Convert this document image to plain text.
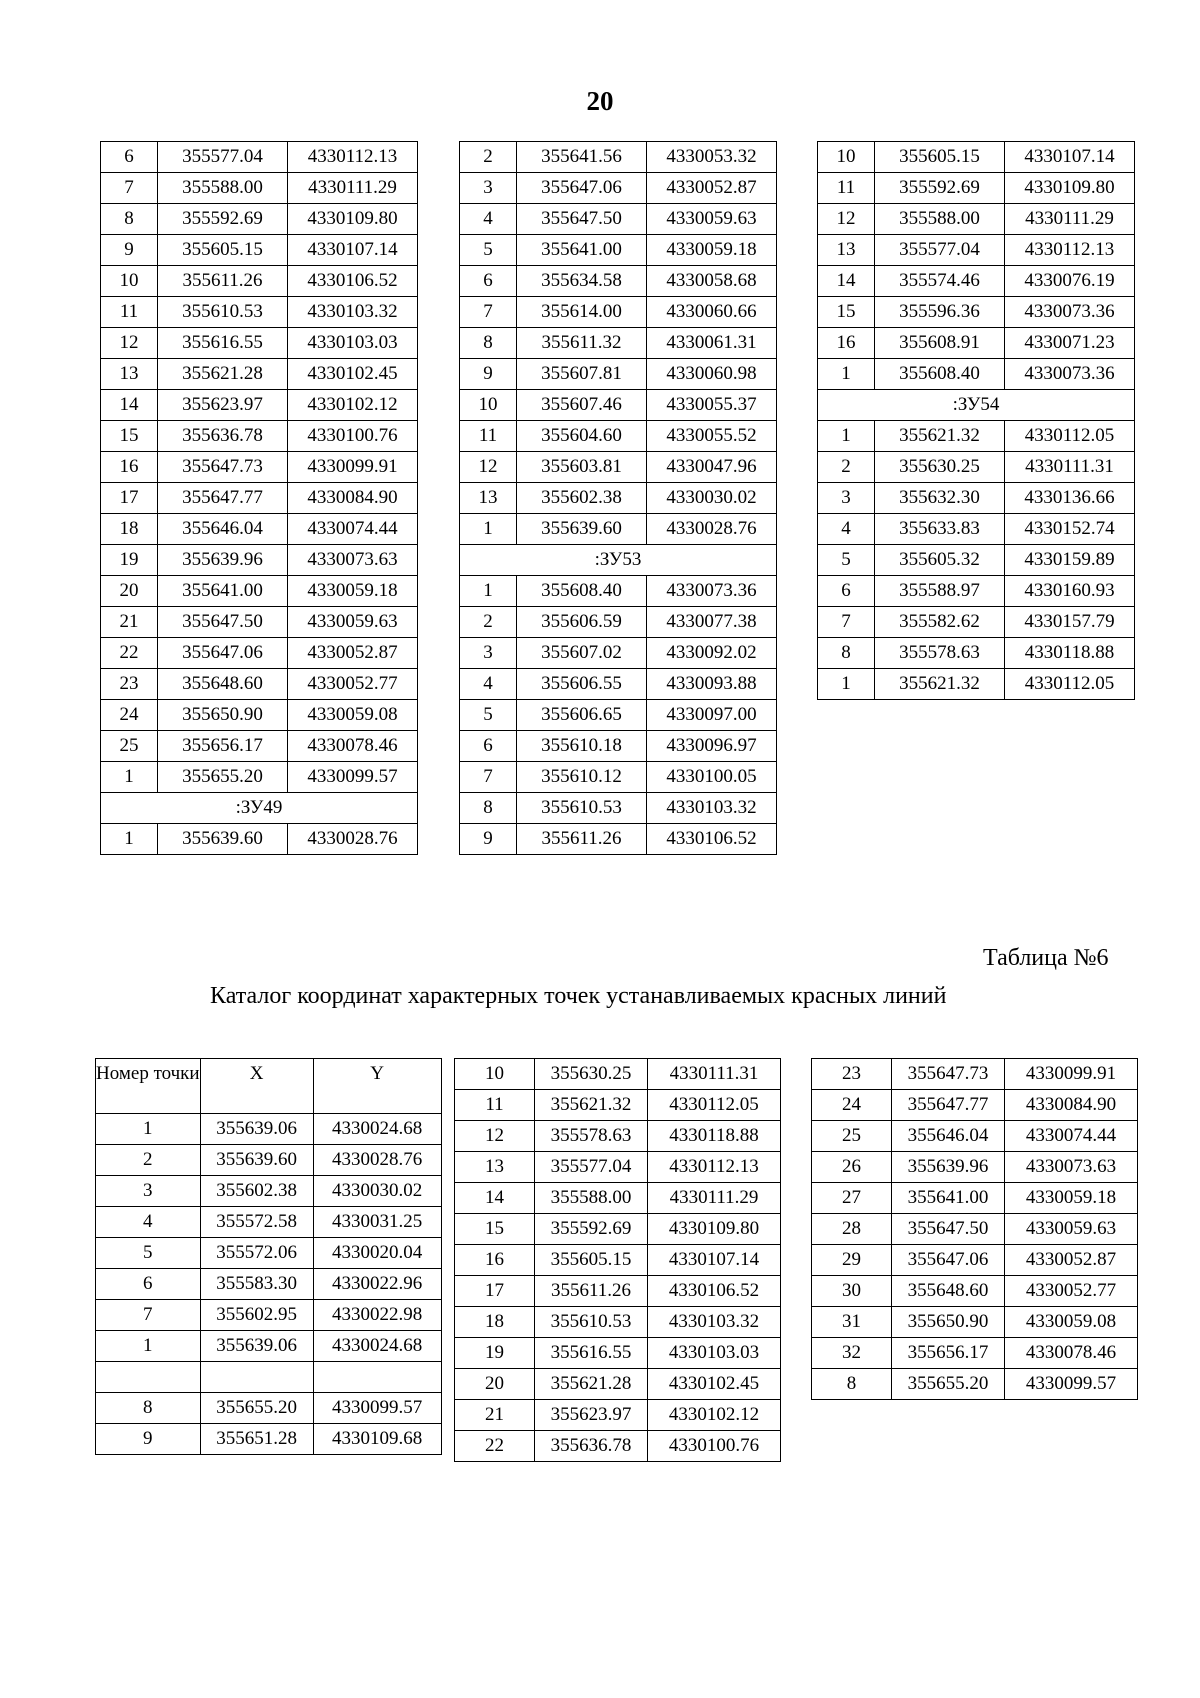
20
6	355577.04	4330112.13
7	355588.00	4330111.29
8	355592.69	4330109.80
9	355605.15	4330107.14
10	355611.26	4330106.52
11	355610.53	4330103.32
12	355616.55	4330103.03
13	355621.28	4330102.45
14	355623.97	4330102.12
15	355636.78	4330100.76
16	355647.73	4330099.91
17	355647.77	4330084.90
18	355646.04	4330074.44
19	355639.96	4330073.63
20	355641.00	4330059.18
21	355647.50	4330059.63
22	355647.06	4330052.87
23	355648.60	4330052.77
24	355650.90	4330059.08
25	355656.17	4330078.46
1	355655.20	4330099.57
:ЗУ49		
1	355639.60	4330028.76
2	355641.56	4330053.32
3	355647.06	4330052.87
4	355647.50	4330059.63
5	355641.00	4330059.18
6	355634.58	4330058.68
7	355614.00	4330060.66
8	355611.32	4330061.31
9	355607.81	4330060.98
10	355607.46	4330055.37
11	355604.60	4330055.52
12	355603.81	4330047.96
13	355602.38	4330030.02
1	355639.60	4330028.76
:ЗУ53		
1	355608.40	4330073.36
2	355606.59	4330077.38
3	355607.02	4330092.02
4	355606.55	4330093.88
5	355606.65	4330097.00
6	355610.18	4330096.97
7	355610.12	4330100.05
8	355610.53	4330103.32
9	355611.26	4330106.52
10	355605.15	4330107.14
11	355592.69	4330109.80
12	355588.00	4330111.29
13	355577.04	4330112.13
14	355574.46	4330076.19
15	355596.36	4330073.36
16	355608.91	4330071.23
1	355608.40	4330073.36
:ЗУ54		
1	355621.32	4330112.05
2	355630.25	4330111.31
3	355632.30	4330136.66
4	355633.83	4330152.74
5	355605.32	4330159.89
6	355588.97	4330160.93
7	355582.62	4330157.79
8	355578.63	4330118.88
1	355621.32	4330112.05
Таблица №6
Каталог координат характерных точек устанавливаемых красных линий
Номер точки	X	Y
1	355639.06	4330024.68
2	355639.60	4330028.76
3	355602.38	4330030.02
4	355572.58	4330031.25
5	355572.06	4330020.04
6	355583.30	4330022.96
7	355602.95	4330022.98
1	355639.06	4330024.68

8	355655.20	4330099.57
9	355651.28	4330109.68
10	355630.25	4330111.31
11	355621.32	4330112.05
12	355578.63	4330118.88
13	355577.04	4330112.13
14	355588.00	4330111.29
15	355592.69	4330109.80
16	355605.15	4330107.14
17	355611.26	4330106.52
18	355610.53	4330103.32
19	355616.55	4330103.03
20	355621.28	4330102.45
21	355623.97	4330102.12
22	355636.78	4330100.76
23	355647.73	4330099.91
24	355647.77	4330084.90
25	355646.04	4330074.44
26	355639.96	4330073.63
27	355641.00	4330059.18
28	355647.50	4330059.63
29	355647.06	4330052.87
30	355648.60	4330052.77
31	355650.90	4330059.08
32	355656.17	4330078.46
8	355655.20	4330099.57
